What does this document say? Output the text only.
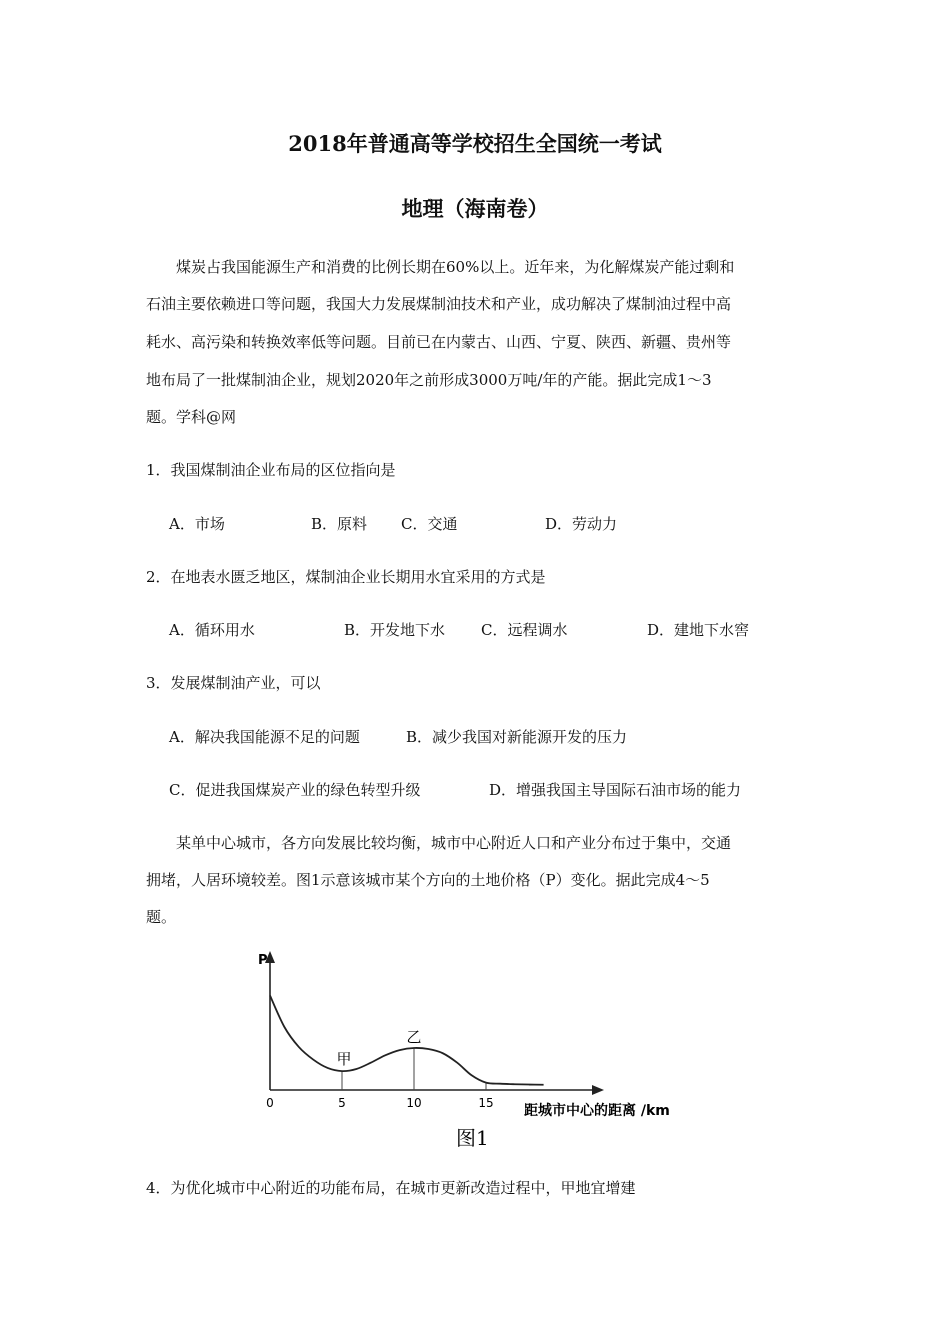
2018年普通高等学校招生全国统一考试
地理（海南卷）
煤炭占我国能源生产和消费的比例长期在60%以上。近年来，为化解煤炭产能过剩和
石油主要依赖进口等问题，我国大力发展煤制油技术和产业，成功解决了煤制油过程中高
耗水、高污染和转换效率低等问题。目前已在内蒙古、山西、宁夏、陕西、新疆、贵州等
地布局了一批煤制油企业，规划2020年之前形成3000万吨/年的产能。据此完成1～3
题。学科@网
1．我国煤制油企业布局的区位指向是
A．市场	B．原料 C．交通	D．劳动力
2．在地表水匮乏地区，煤制油企业长期用水宜采用的方式是
A．循环用水	B．开发地下水 C．远程调水	D．建地下水窖
3．发展煤制油产业，可以
A．解决我国能源不足的问题	B．减少我国对新能源开发的压力
C．促进我国煤炭产业的绿色转型升级	D．增强我国主导国际石油市场的能力
某单中心城市，各方向发展比较均衡，城市中心附近人口和产业分布过于集中，交通
拥堵，人居环境较差。图1示意该城市某个方向的土地价格（P）变化。据此完成4～5
题。
P
距城市中心的距离 /km
0	5	10	15
甲
乙
图1
4．为优化城市中心附近的功能布局，在城市更新改造过程中，甲地宜增建
